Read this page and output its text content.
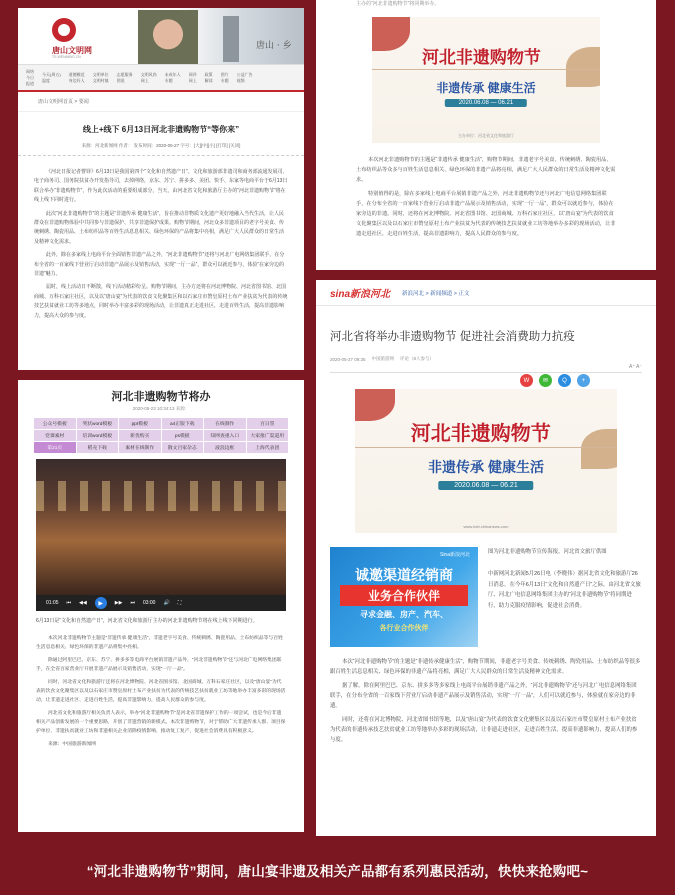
唐山文明网
TS.WENMING.CN
唐山 · 乡
网络
今日
报道
今天(周五)
温度
道德模范
身边好人
文明单位
文明村镇
志愿服务
图说
文明风尚
网上
未成年人
专题
网评
网上
政策
解读
图片
专题
公益广告
视频
唐山文明网首页 > 要闻
线上+线下 6月13日河北非遗购物节“等你来”
来源：河北新闻网 作者： 发布时间：2020-05-27 字号：[大][中][小] [打印] [关闭]

《河北日报记者曹铎》6月13日是我国第四个“文化和自然遗产日”。文化和旅游部非遗司和商务部流通发展司、电子商务司、国务院扶贫办开发指导司，去掉网络，京东、苏宁、拼多多、美团、快手、东家等电商平台于6月13日联合举办“非遗购物节”，作为此次活动的重要组成部分，当天，由河北省文化和旅游厅主办的“河北非遗购物节”将在线上线下同时进行。

此次“河北非遗购物节”的主题是“非遗传承 健康生活”，旨在推动非物质文化遗产更好地融入当代生活，让人民群众在非遗购物体验中共同参与非遗保护、共享非遗保护成果。购物节期间，河北众多非遗项目的老字号美食、传统刺绣、陶瓷用品、土布纺织品等百姓生活息息相关、绿色环保的产品将集中亮相，满足广大人民群众的日常生活及精神文化需求。

此外，除在多家线上电商平台全面销售非遗产品之外，“河北非遗购物节”还将与河北广电网络集团联手，在分布全省的一百家线下营业厅启动非遗产品展示及销售活动，实现“一厅一品”，群众可以就近参与，体验“在家旁边的非遗”魅力。

届时，线上活动日不断散，线下活动精彩纷呈。购物节期间，主办方还将在河北博物院、河北省图书馆、北国商城、万科石家庄社区，以及以“唐山宴”为代表的饮食文化聚集区和以石家庄市赞皇原村土布产业扶贫为代表的传统技艺扶贫就业工坊等多地点，同时举办丰富多彩的现场活动，让非遗真正走进社区，走进百姓生活，提高非遗影响力，提高大众的参与度。

河北非遗购物节将办
2020-05-23 10:34:13 来源：
公众号模板	奖状word模板	ppt模板	a4正版下载	在线制作	百日誓
党课素材	培训word模板	新优购买	ps模板	知网查重入口	大家推广渠道用
第21页	稻壳下载	素材在线制作	散文百家杂志	波浪边框	上海代表团
01:05 ⏮ ◀◀	▶	▶▶ ⏭ 03:00 🔊 ⛶
6月13日是“文化和自然遗产日”，河北省文化和旅游厅主办的河北非遗购物节将在线上线下同期进行。

本次河北非遗购物节主题是“非遗传承 健康生活”，非遗老字号美食、传统刺绣、陶瓷用品、土布纺织品等与百姓生活息息相关、绿色环保的非遗产品将集中亮相。

除通过阿里巴巴、京东、苏宁、拼多多等电商平台展销非遗产品外，“河北非遗购物节”还与河北广电网络集团联手，在全省百家营业厅开展非遗产品展示及销售活动，实现“一厅一品”。

同时，河北省文化和旅游厅还将在河北博物院、河北省图书馆、北国商城、万科石家庄社区，以及“唐山宴”为代表的饮食文化聚集区以及以石家庄市赞皇原村土布产业扶贫为代表的传统技艺扶贫就业工坊等地举办丰富多彩的现场活动，让非遗走进社区、走进百姓生活，提高非遗影响力，提高人民群众的参与度。

河北省文化和旅游厅相关负责人表示，举办“河北非遗购物节”是河北省非遗保护工作的一项尝试，也是今后非遗相关产品创新发展的一个重要思路，开创了非遗营销的新模式。本次非遗购物节，对于帮助广大非遗传承人群、项目保护单位、非遗扶贫就业工坊和非遗相关企业消除疫情影响、推动复工复产，促进社会消费具有积极意义。

来源：中国旅游新闻网

主办的“河北非遗购物节”将同期举办。
河北非遗购物节
非遗传承 健康生活
2020.06.08 — 06.21
主办单位：河北省文化和旅游厅

本次河北非遗购物节的主题是“非遗传承 健康生活”，购物节期间，非遗老字号美食、传统刺绣、陶瓷用品、土布纺织品等众多与百姓生活息息相关、绿色环保的非遗产品将亮相，满足广大人民群众的日常生活及精神文化需求。

特别值得的是，除在多家线上电商平台展销非遗产品之外，河北非遗购物节还与河北广电信息网络集团联手，在分布全省的一百家线下营业厅启动非遗产品展示及销售活动，实现“一厅一品”，群众可以就近参与，体验在家旁边的非遗。同时，还将在河北博物院、河北省图书馆、北国商城、万科石家庄社区，以“唐山宴”为代表的饮食文化聚集区以及以石家庄市赞皇原村土布产业扶贫为代表的传统技艺扶贫就业工坊等地举办多彩的现场活动，让非遗走进社区，走进百姓生活，提高非遗影响力，提高人民群众的参与度。

sina新浪河北 新浪河北 > 新闻频道 > 正文
河北省将举办非遗购物节 促进社会消费助力抗疫
2020-05-27 09:35 中国旅游网 评论（8人参与）
W	✉	Q	+
A⁺ A⁻
河北非遗购物节
非遗传承 健康生活
2020.06.08 — 06.21
www.heb.chinanews.com
Sina新浪河北
诚邀渠道经销商
业务合作伙伴
寻求金融、房产、汽车、
各行业合作伙伴

图为河北非遗购物节宣传海报，河北省文旅厅供图

中新网河北新闻5月26日电（李晓伟）据河北省文化和旅游厅26日消息，在今年6月13日“文化和自然遗产日”之际，由河北省文旅厅、河北广电信息网络集团主办的“河北非遗购物节”将同期进行，助力克服疫情影响，促进社会消费。

本次“河北非遗购物节”的主题是“非遗传承健康生活”，购物节期间，非遗老字号美食、传统刺绣、陶瓷用品、土布纺织品等很多跟百姓生活息息相关、绿色环保的非遗产品将亮相，满足广大人民群众的日常生活及精神文化需求。

据了解，除在阿里巴巴、京东、拼多多等多家线上电商平台展销非遗产品之外，“河北非遗购物节”还与河北广电信息网络集团联手，在分布全省的一百家线下营业厅启动非遗产品展示及销售活动，实现“一厅一品”，人们可以就近参与，体验就在家旁边的非遗。

同时，还将在河北博物院、河北省图书馆等地，以及“唐山宴”为代表的饮食文化聚集区以及以石家庄市赞皇原村土布产业扶贫为代表的非遗传承技艺扶贫就业工坊等地举办多彩的现场活动，让非遗走进社区，走进百姓生活，提高非遗影响力，提高人们的参与度。

“河北非遗购物节”期间，唐山宴非遗及相关产品都有系列惠民活动，快快来抢购吧~
